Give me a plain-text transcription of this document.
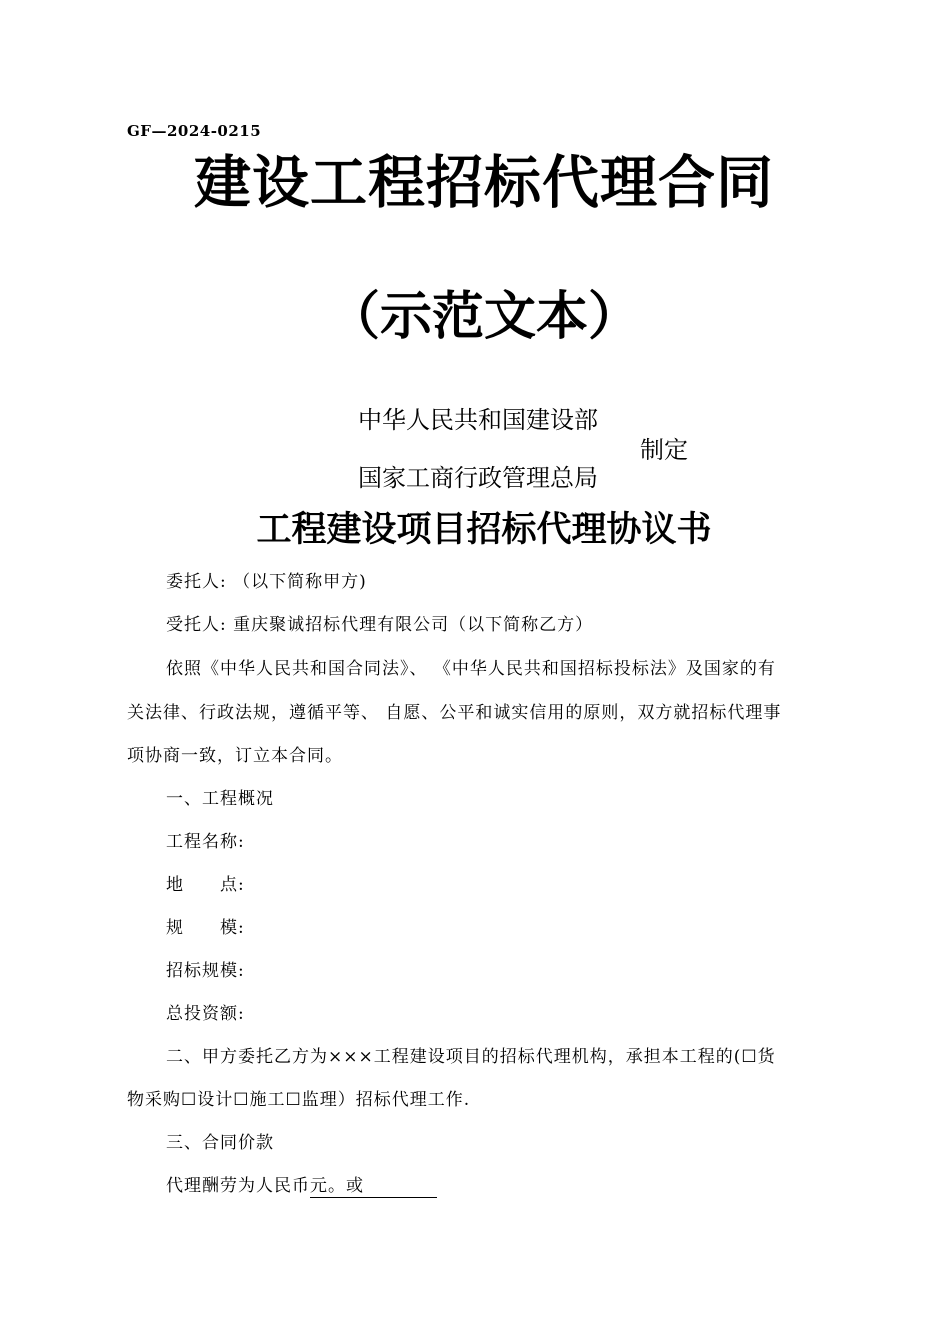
GF—2024-0215
建设工程招标代理合同
（示范文本）
中华人民共和国建设部
制定
国家工商行政管理总局
工程建设项目招标代理协议书
委托人: （以下简称甲方)
受托人: 重庆聚诚招标代理有限公司（以下简称乙方）
依照《中华人民共和国合同法》、 《中华人民共和国招标投标法》及国家的有
关法律、行政法规，遵循平等、 自愿、公平和诚实信用的原则，双方就招标代理事
项协商一致，订立本合同。
一、工程概况
工程名称:
地 点:
规 模:
招标规模:
总投资额:
二、甲方委托乙方为×××工程建设项目的招标代理机构，承担本工程的(☐货
物采购☐设计☐施工☐监理）招标代理工作.
三、合同价款
代理酬劳为人民币元。或
